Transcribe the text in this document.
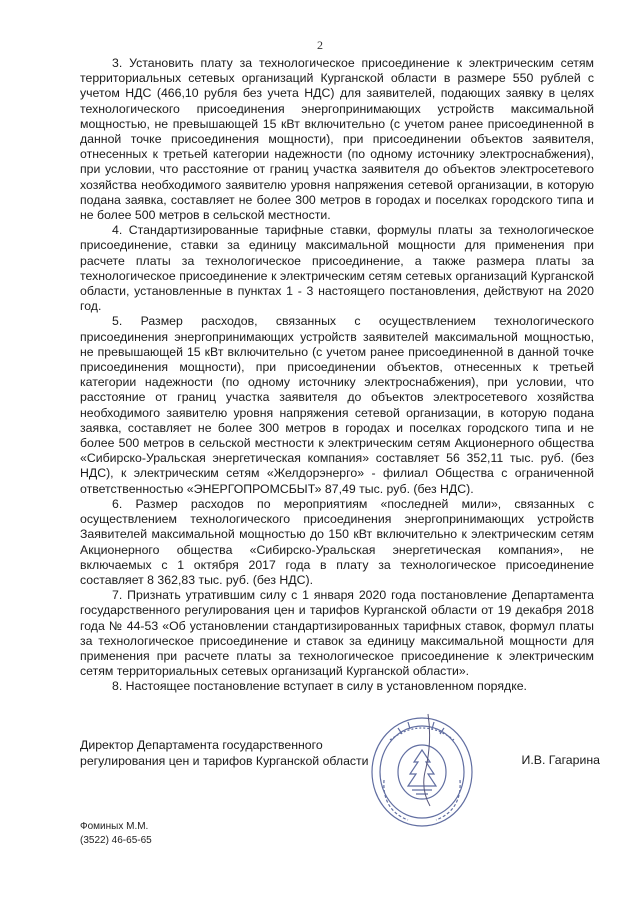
2

3. Установить плату за технологическое присоединение к электрическим сетям территориальных сетевых организаций Курганской области в размере 550 рублей с учетом НДС (466,10 рубля без учета НДС) для заявителей, подающих заявку в целях технологического присоединения энергопринимающих устройств максимальной мощностью, не превышающей 15 кВт включительно (с учетом ранее присоединенной в данной точке присоединения мощности), при присоединении объектов заявителя, отнесенных к третьей категории надежности (по одному источнику электроснабжения), при условии, что расстояние от границ участка заявителя до объектов электросетевого хозяйства необходимого заявителю уровня напряжения сетевой организации, в которую подана заявка, составляет не более 300 метров в городах и поселках городского типа и не более 500 метров в сельской местности.

4. Стандартизированные тарифные ставки, формулы платы за технологическое присоединение, ставки за единицу максимальной мощности для применения при расчете платы за технологическое присоединение, а также размера платы за технологическое присоединение к электрическим сетям сетевых организаций Курганской области, установленные в пунктах 1 - 3 настоящего постановления, действуют на 2020 год.

5. Размер расходов, связанных с осуществлением технологического присоединения энергопринимающих устройств заявителей максимальной мощностью, не превышающей 15 кВт включительно (с учетом ранее присоединенной в данной точке присоединения мощности), при присоединении объектов, отнесенных к третьей категории надежности (по одному источнику электроснабжения), при условии, что расстояние от границ участка заявителя до объектов электросетевого хозяйства необходимого заявителю уровня напряжения сетевой организации, в которую подана заявка, составляет не более 300 метров в городах и поселках городского типа и не более 500 метров в сельской местности к электрическим сетям Акционерного общества «Сибирско-Уральская энергетическая компания» составляет 56 352,11 тыс. руб. (без НДС), к электрическим сетям «Желдорэнерго» - филиал Общества с ограниченной ответственностью «ЭНЕРГОПРОМСБЫТ» 87,49 тыс. руб. (без НДС).

6. Размер расходов по мероприятиям «последней мили», связанных с осуществлением технологического присоединения энергопринимающих устройств Заявителей максимальной мощностью до 150 кВт включительно к электрическим сетям Акционерного общества «Сибирско-Уральская энергетическая компания», не включаемых с 1 октября 2017 года в плату за технологическое присоединение составляет 8 362,83 тыс. руб. (без НДС).

7. Признать утратившим силу с 1 января 2020 года постановление Департамента государственного регулирования цен и тарифов Курганской области от 19 декабря 2018 года № 44-53 «Об установлении стандартизированных тарифных ставок, формул платы за технологическое присоединение и ставок за единицу максимальной мощности для применения при расчете платы за технологическое присоединение к электрическим сетям территориальных сетевых организаций Курганской области».

8. Настоящее постановление вступает в силу в установленном порядке.

Директор Департамента государственного регулирования цен и тарифов Курганской области	И.В. Гагарина
Фоминых М.М.
(3522) 46-65-65
